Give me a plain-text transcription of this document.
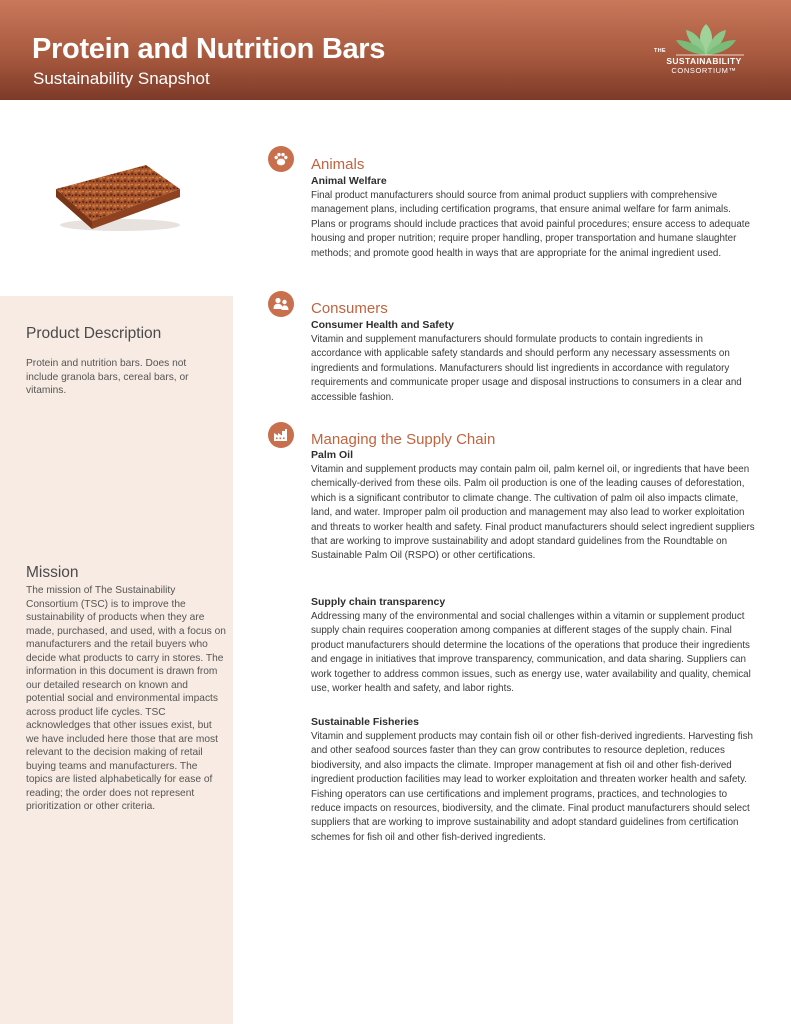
Protein and Nutrition Bars
Sustainability Snapshot
THE
SUSTAINABILITY
CONSORTIUM™
Product Description
Protein and nutrition bars. Does not include granola bars, cereal bars, or vitamins.
Mission
The mission of The Sustainability Consortium (TSC) is to improve the sustainability of products when they are made, purchased, and used, with a focus on manufacturers and the retail buyers who decide what products to carry in stores. The information in this document is drawn from our detailed research on known and potential social and environmental impacts across product life cycles. TSC acknowledges that other issues exist, but we have included here those that are most relevant to the decision making of retail buying teams and manufacturers. The topics are listed alphabetically for ease of reading; the order does not represent prioritization or other criteria.
Animals
Animal Welfare
Final product manufacturers should source from animal product suppliers with comprehensive management plans, including certification programs, that ensure animal welfare for farm animals. Plans or programs should include practices that avoid painful procedures; ensure access to adequate housing and proper nutrition; require proper handling, proper transportation and humane slaughter methods; and promote good health in ways that are appropriate for the animal ingredient used.
Consumers
Consumer Health and Safety
Vitamin and supplement manufacturers should formulate products to contain ingredients in accordance with applicable safety standards and should perform any necessary assessments on ingredients and formulations. Manufacturers should list ingredients in accordance with regulatory requirements and communicate proper usage and disposal instructions to consumers in a clear and accessible fashion.
Managing the Supply Chain
Palm Oil
Vitamin and supplement products may contain palm oil, palm kernel oil, or ingredients that have been chemically-derived from these oils. Palm oil production is one of the leading causes of deforestation, which is a significant contributor to climate change. The cultivation of palm oil also impacts climate, land, and water. Improper palm oil production and management may also lead to worker exploitation and threats to worker health and safety. Final product manufacturers should select ingredient suppliers that are working to improve sustainability and adopt standard guidelines from the Roundtable on Sustainable Palm Oil (RSPO) or other certifications.
Supply chain transparency
Addressing many of the environmental and social challenges within a vitamin or supplement product supply chain requires cooperation among companies at different stages of the supply chain. Final product manufacturers should determine the locations of the operations that produce their ingredients and engage in initiatives that improve transparency, communication, and data sharing. Suppliers can work together to address common issues, such as energy use, water availability and quality, chemical use, worker health and safety, and labor rights.
Sustainable Fisheries
Vitamin and supplement products may contain fish oil or other fish-derived ingredients. Harvesting fish and other seafood sources faster than they can grow contributes to resource depletion, reduces biodiversity, and also impacts the climate. Improper management at fish oil and other fish-derived ingredient production facilities may lead to worker exploitation and threaten worker health and safety. Fishing operators can use certifications and implement programs, practices, and technologies to reduce impacts on resources, biodiversity, and the climate. Final product manufacturers should select suppliers that are working to improve sustainability and adopt standard guidelines from certification schemes for fish oil and other fish-derived ingredients.
